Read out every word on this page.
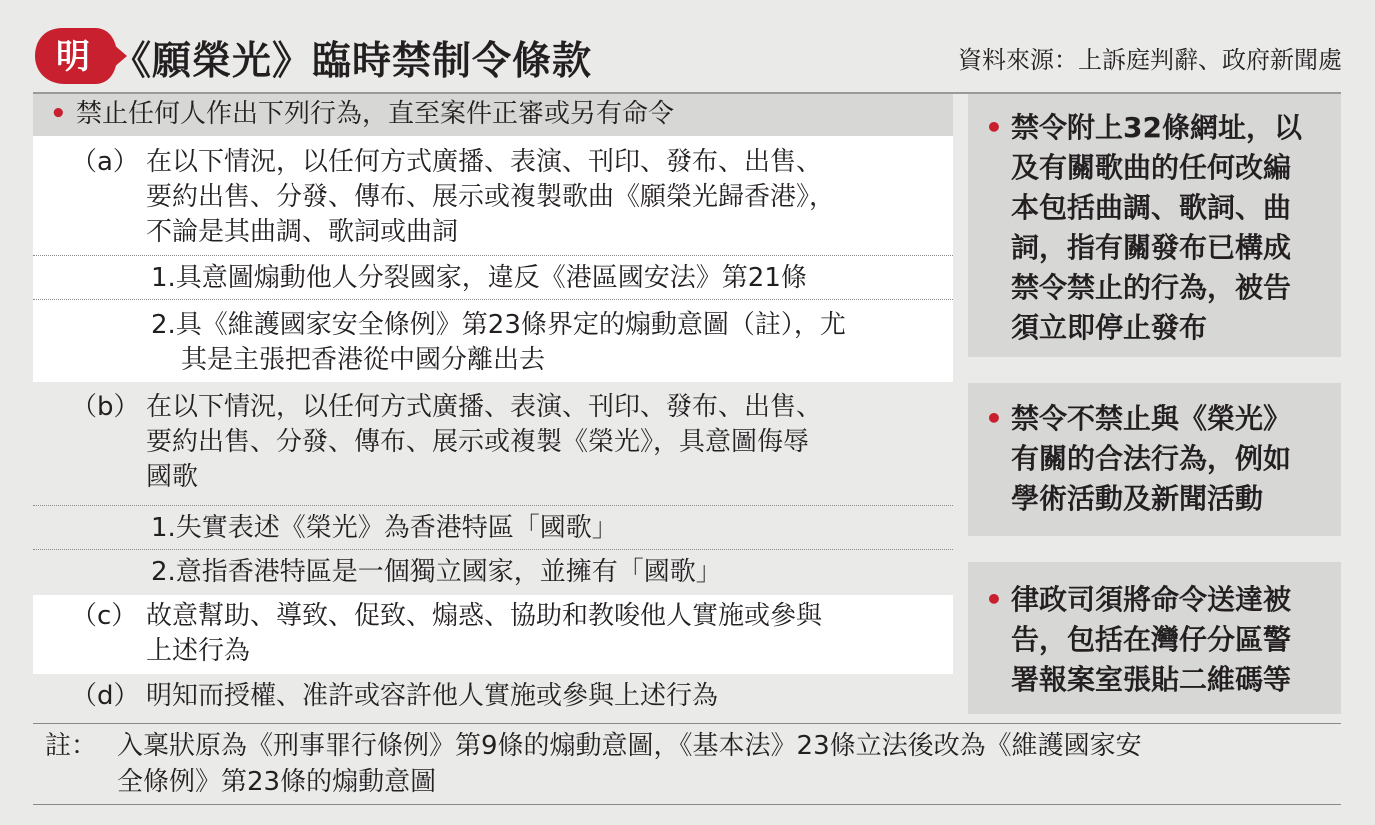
明 《願榮光》臨時禁制令條款	資料來源：上訴庭判辭、政府新聞處
• 禁止任何人作出下列行為，直至案件正審或另有命令
（a） 在以下情況，以任何方式廣播、表演、刊印、發布、出售、
要約出售、分發、傳布、展示或複製歌曲《願榮光歸香港》，
不論是其曲調、歌詞或曲詞
1.具意圖煽動他人分裂國家，違反《港區國安法》第21條
2.具《維護國家安全條例》第23條界定的煽動意圖（註），尤
其是主張把香港從中國分離出去
（b） 在以下情況，以任何方式廣播、表演、刊印、發布、出售、
要約出售、分發、傳布、展示或複製《榮光》，具意圖侮辱
國歌
1.失實表述《榮光》為香港特區「國歌」
2.意指香港特區是一個獨立國家，並擁有「國歌」
（c） 故意幫助、導致、促致、煽惑、協助和教唆他人實施或參與
上述行為
（d） 明知而授權、准許或容許他人實施或參與上述行為
• 禁令附上32條網址，以
及有關歌曲的任何改編
本包括曲調、歌詞、曲
詞，指有關發布已構成
禁令禁止的行為，被告
須立即停止發布
• 禁令不禁止與《榮光》
有關的合法行為，例如
學術活動及新聞活動
• 律政司須將命令送達被
告，包括在灣仔分區警
署報案室張貼二維碼等
註： 入稟狀原為《刑事罪行條例》第9條的煽動意圖，《基本法》23條立法後改為《維護國家安
全條例》第23條的煽動意圖
